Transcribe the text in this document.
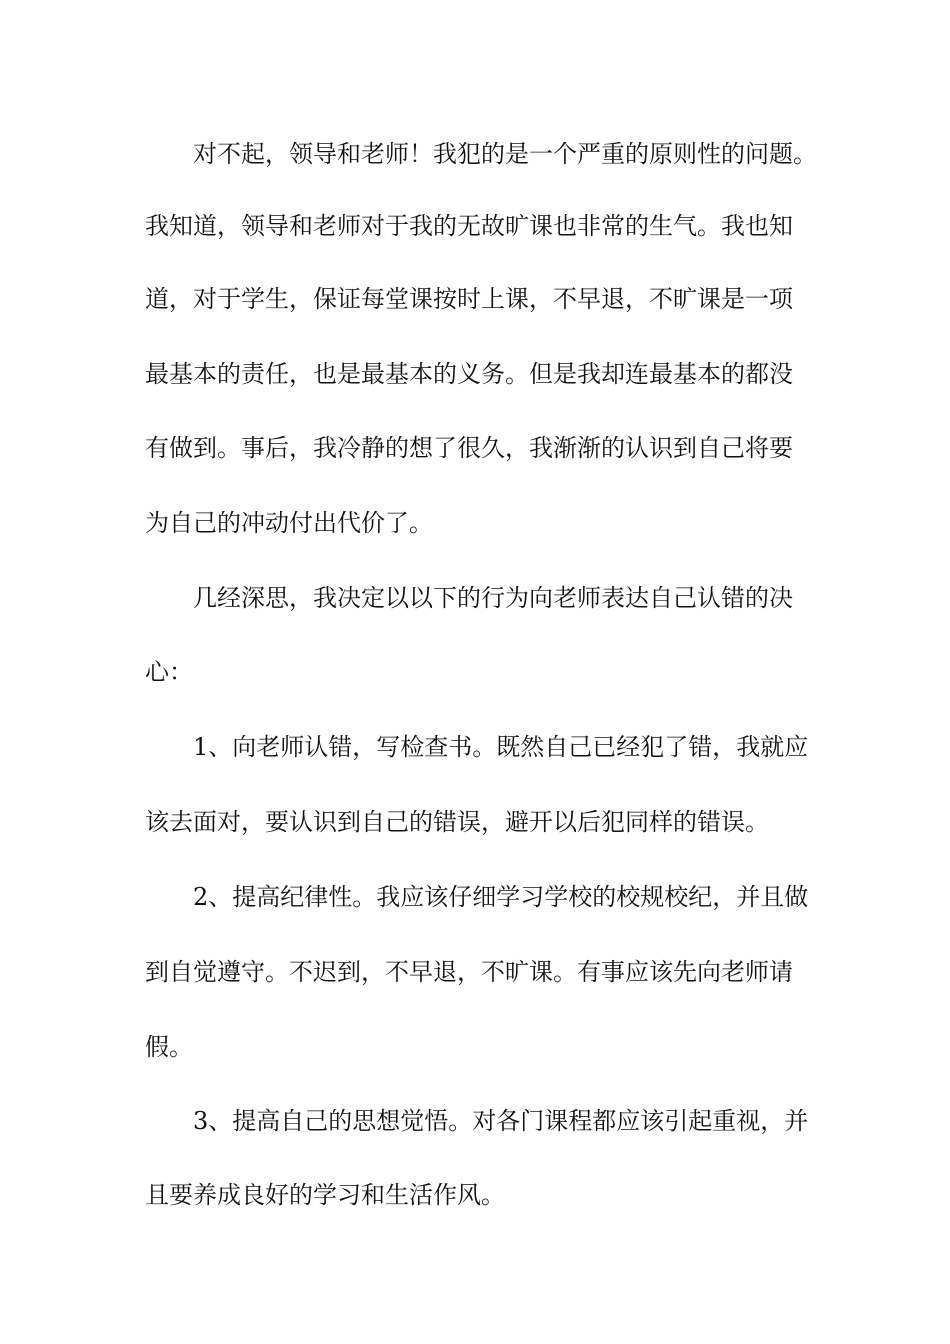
对不起，领导和老师！我犯的是一个严重的原则性的问题。
我知道，领导和老师对于我的无故旷课也非常的生气。我也知
道，对于学生，保证每堂课按时上课，不早退，不旷课是一项
最基本的责任，也是最基本的义务。但是我却连最基本的都没
有做到。事后，我冷静的想了很久，我渐渐的认识到自己将要
为自己的冲动付出代价了。
几经深思，我决定以以下的行为向老师表达自己认错的决
心：
1、向老师认错，写检查书。既然自己已经犯了错，我就应
该去面对，要认识到自己的错误，避开以后犯同样的错误。
2、提高纪律性。我应该仔细学习学校的校规校纪，并且做
到自觉遵守。不迟到，不早退，不旷课。有事应该先向老师请
假。
3、提高自己的思想觉悟。对各门课程都应该引起重视，并
且要养成良好的学习和生活作风。
